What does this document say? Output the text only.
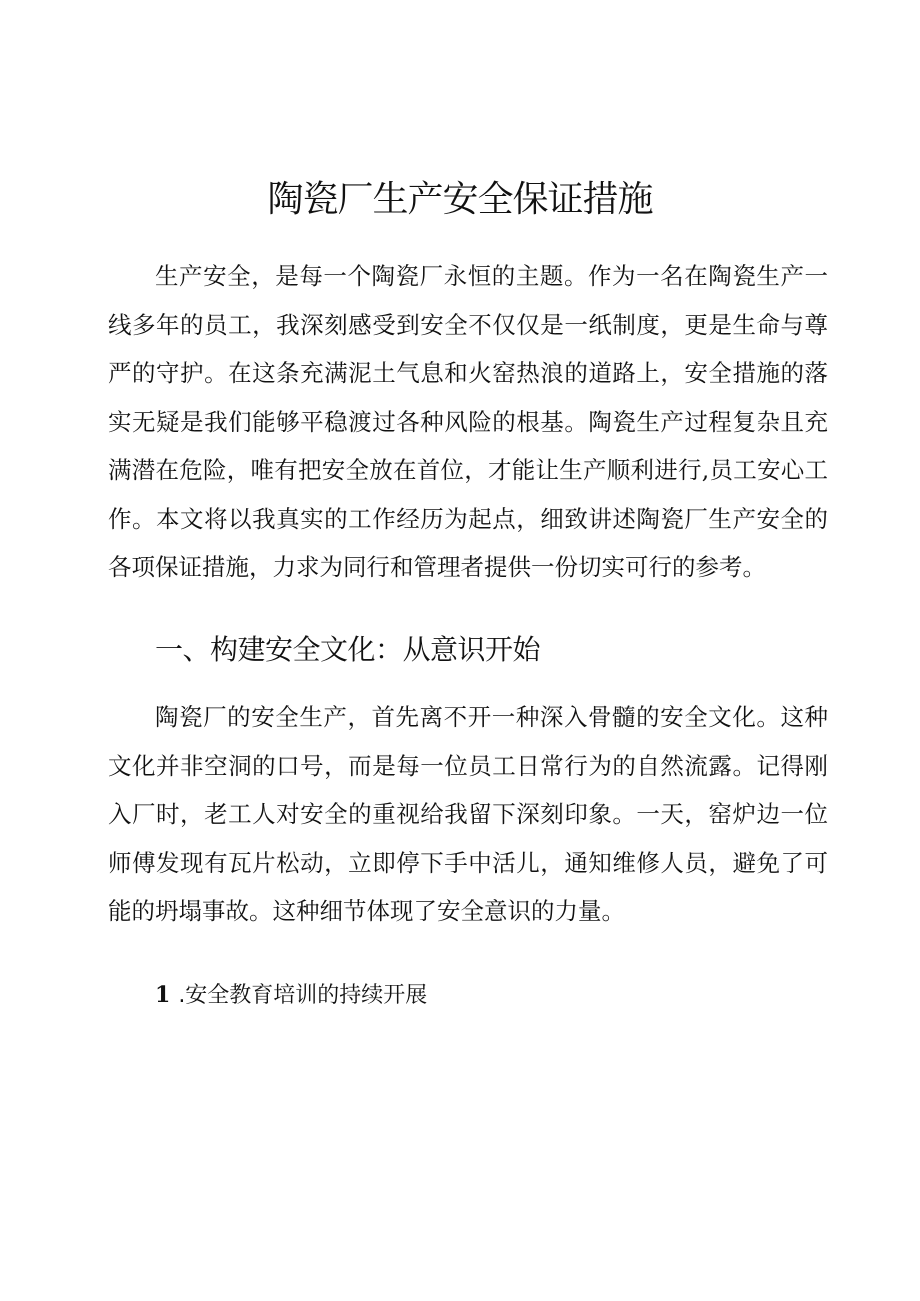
陶瓷厂生产安全保证措施

生产安全，是每一个陶瓷厂永恒的主题。作为一名在陶瓷生产一线多年的员工，我深刻感受到安全不仅仅是一纸制度，更是生命与尊严的守护。在这条充满泥土气息和火窑热浪的道路上，安全措施的落实无疑是我们能够平稳渡过各种风险的根基。陶瓷生产过程复杂且充满潜在危险，唯有把安全放在首位，才能让生产顺利进行,员工安心工作。本文将以我真实的工作经历为起点，细致讲述陶瓷厂生产安全的各项保证措施，力求为同行和管理者提供一份切实可行的参考。

一、构建安全文化：从意识开始

陶瓷厂的安全生产，首先离不开一种深入骨髓的安全文化。这种文化并非空洞的口号，而是每一位员工日常行为的自然流露。记得刚入厂时，老工人对安全的重视给我留下深刻印象。一天，窑炉边一位师傅发现有瓦片松动，立即停下手中活儿，通知维修人员，避免了可能的坍塌事故。这种细节体现了安全意识的力量。

1 .安全教育培训的持续开展
